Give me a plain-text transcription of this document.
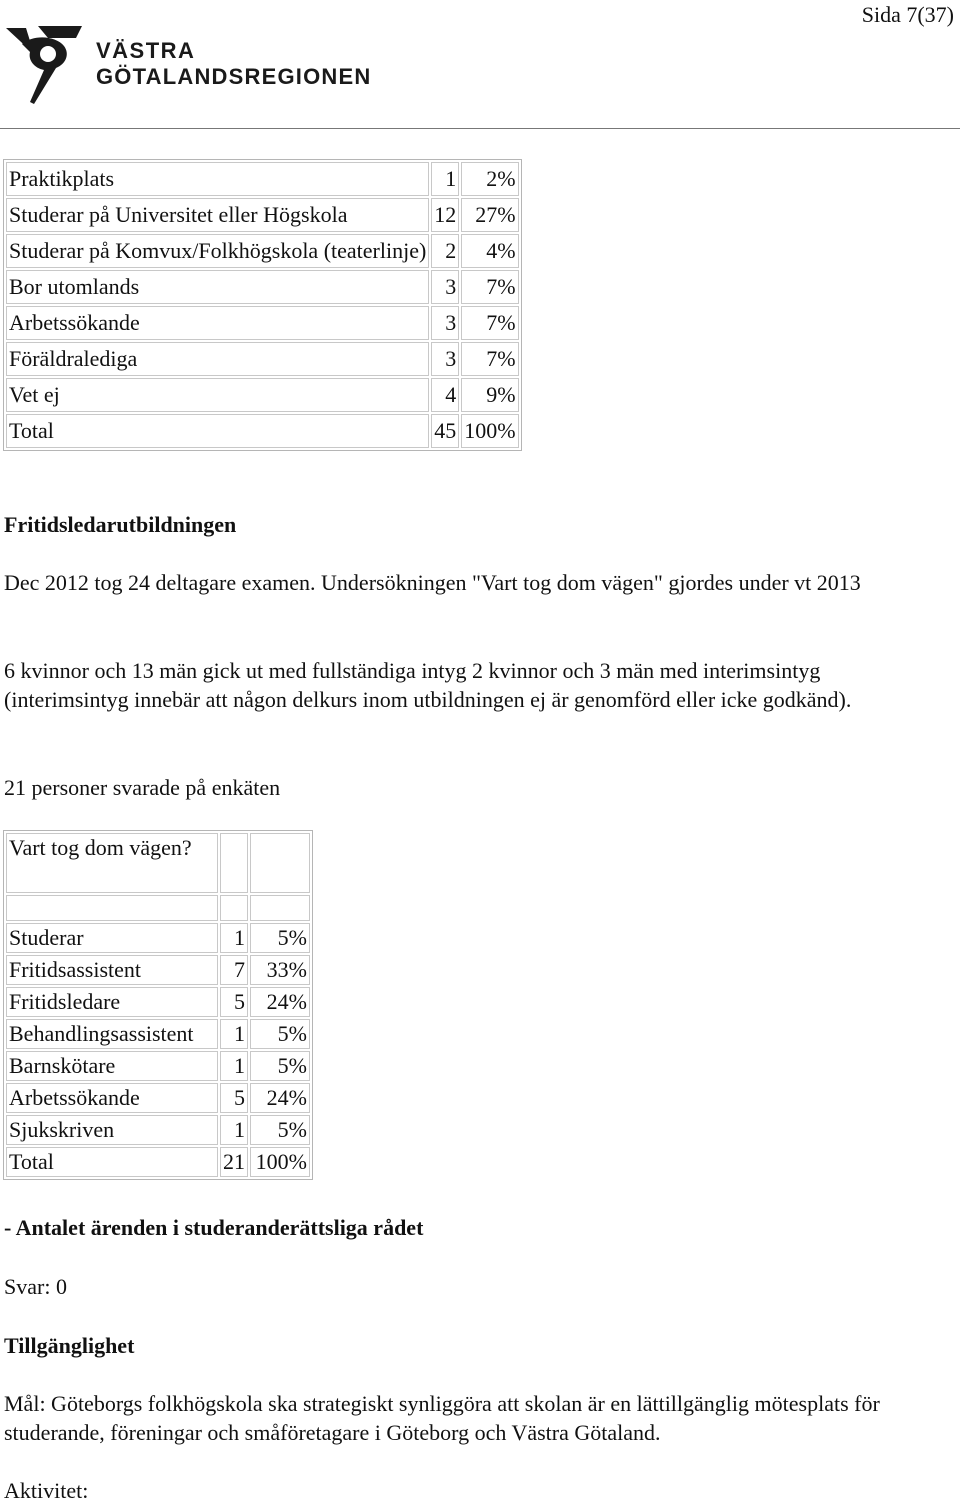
Sida 7(37)
VÄSTRA
GÖTALANDSREGIONEN
Praktikplats	1	2%
Studerar på Universitet eller Högskola	12	27%
Studerar på Komvux/Folkhögskola (teaterlinje)	2	4%
Bor utomlands	3	7%
Arbetssökande	3	7%
Föräldralediga	3	7%
Vet ej	4	9%
Total	45	100%
Fritidsledarutbildningen
Dec 2012 tog 24 deltagare examen. Undersökningen "Vart tog dom vägen" gjordes under vt 2013
6 kvinnor och 13 män gick ut med fullständiga intyg 2 kvinnor och 3 män med interimsintyg (interimsintyg innebär att någon delkurs inom utbildningen ej är genomförd eller icke godkänd).
21 personer svarade på enkäten
Vart tog dom vägen?		

Studerar	1	5%
Fritidsassistent	7	33%
Fritidsledare	5	24%
Behandlingsassistent	1	5%
Barnskötare	1	5%
Arbetssökande	5	24%
Sjukskriven	1	5%
Total	21	100%
- Antalet ärenden i studeranderättsliga rådet
Svar: 0
Tillgänglighet
Mål: Göteborgs folkhögskola ska strategiskt synliggöra att skolan är en lättillgänglig mötesplats för studerande, föreningar och småföretagare i Göteborg och Västra Götaland.
Aktivitet:
